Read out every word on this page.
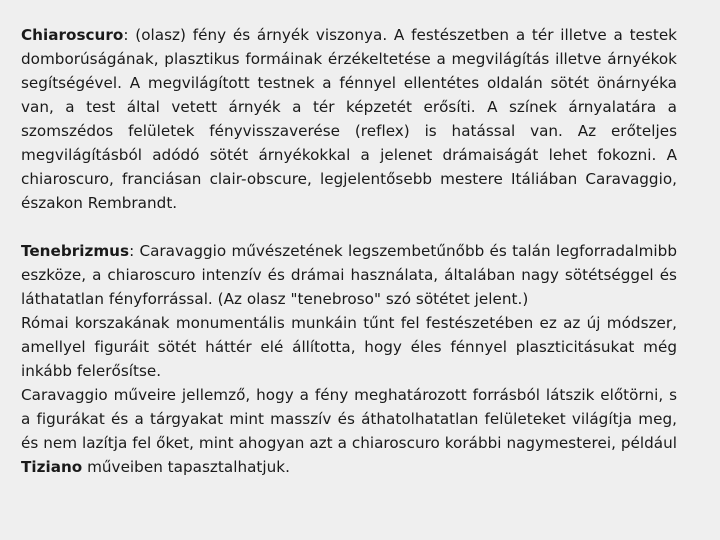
Chiaroscuro: (olasz) fény és árnyék viszonya. A festészetben a tér illetve a testek domborúságának, plasztikus formáinak érzékeltetése a megvilágítás illetve árnyékok segítségével. A megvilágított testnek a fénnyel ellentétes oldalán sötét önárnyéka van, a test által vetett árnyék a tér képzetét erősíti. A színek árnyalatára a szomszédos felületek fényvisszaverése (reflex) is hatással van. Az erőteljes megvilágításból adódó sötét árnyékokkal a jelenet drámaiságát lehet fokozni. A chiaroscuro, franciásan clair-obscure, legjelentősebb mestere Itáliában Caravaggio, északon Rembrandt.

Tenebrizmus: Caravaggio művészetének legszembetűnőbb és talán legforradalmibb eszköze, a chiaroscuro intenzív és drámai használata, általában nagy sötétséggel és láthatatlan fényforrással. (Az olasz "tenebroso" szó sötétet jelent.)

Római korszakának monumentális munkáin tűnt fel festészetében ez az új módszer, amellyel figuráit sötét háttér elé állította, hogy éles fénnyel plaszticitásukat még inkább felerősítse.

Caravaggio műveire jellemző, hogy a fény meghatározott forrásból látszik előtörni, s a figurákat és a tárgyakat mint masszív és áthatolhatatlan felületeket világítja meg, és nem lazítja fel őket, mint ahogyan azt a chiaroscuro korábbi nagymesterei, például Tiziano műveiben tapasztalhatjuk.
